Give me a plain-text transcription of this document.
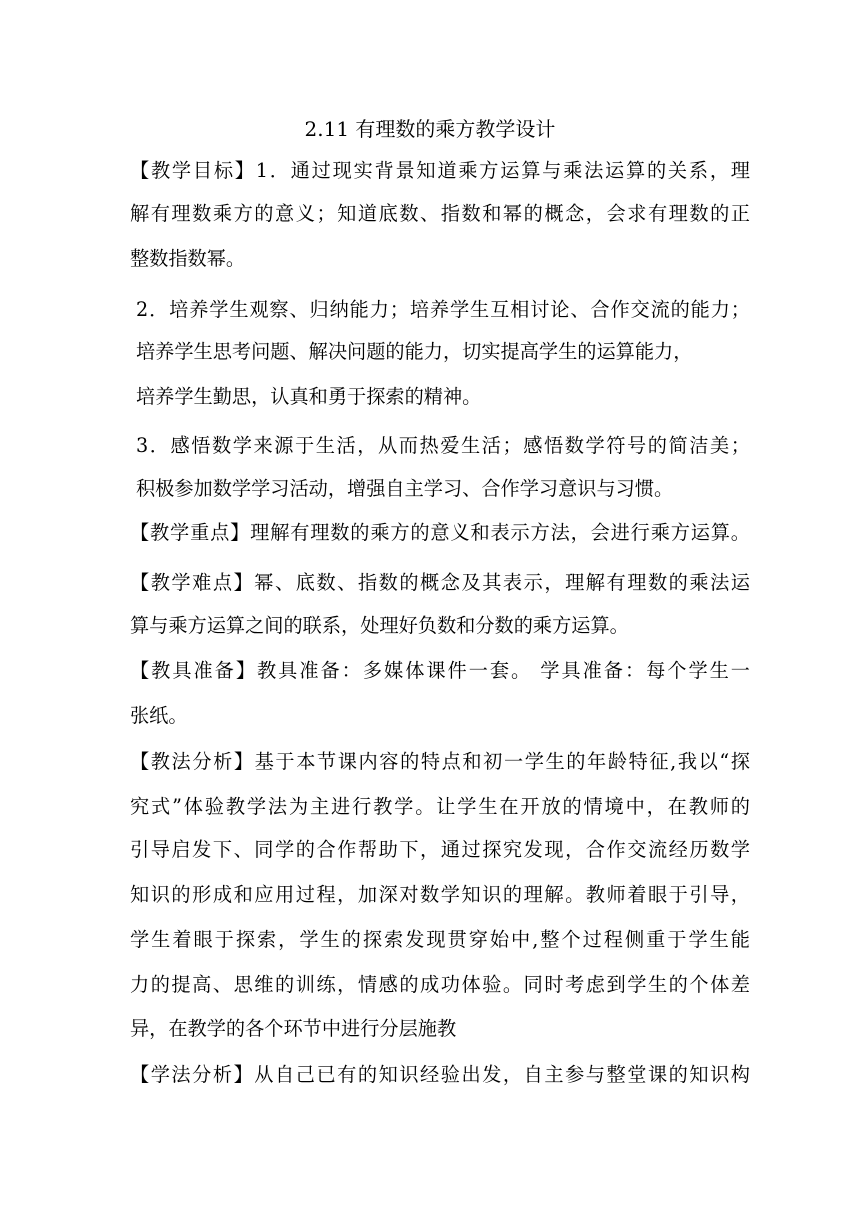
2.11 有理数的乘方教学设计
【教学目标】1．通过现实背景知道乘方运算与乘法运算的关系，理
解有理数乘方的意义；知道底数、指数和幂的概念，会求有理数的正
整数指数幂。
2．培养学生观察、归纳能力；培养学生互相讨论、合作交流的能力；
培养学生思考问题、解决问题的能力，切实提高学生的运算能力，
培养学生勤思，认真和勇于探索的精神。
3．感悟数学来源于生活，从而热爱生活；感悟数学符号的简洁美；
积极参加数学学习活动，增强自主学习、合作学习意识与习惯。
【教学重点】理解有理数的乘方的意义和表示方法，会进行乘方运算。
【教学难点】幂、底数、指数的概念及其表示，理解有理数的乘法运
算与乘方运算之间的联系，处理好负数和分数的乘方运算。
【教具准备】教具准备：多媒体课件一套。 学具准备：每个学生一
张纸。
【教法分析】基于本节课内容的特点和初一学生的年龄特征,我以“探
究式”体验教学法为主进行教学。让学生在开放的情境中，在教师的
引导启发下、同学的合作帮助下，通过探究发现，合作交流经历数学
知识的形成和应用过程，加深对数学知识的理解。教师着眼于引导，
学生着眼于探索，学生的探索发现贯穿始中,整个过程侧重于学生能
力的提高、思维的训练，情感的成功体验。同时考虑到学生的个体差
异，在教学的各个环节中进行分层施教
【学法分析】从自己已有的知识经验出发，自主参与整堂课的知识构
